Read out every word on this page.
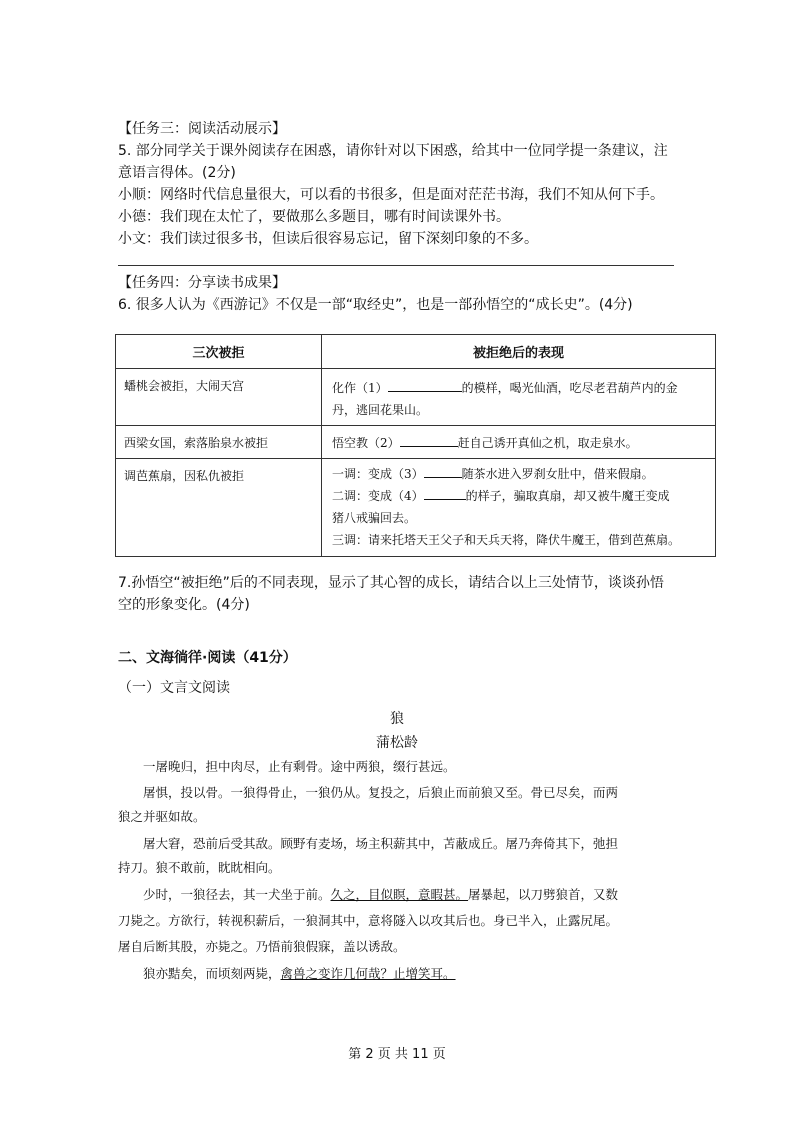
【任务三：阅读活动展示】
5. 部分同学关于课外阅读存在困惑，请你针对以下困惑，给其中一位同学提一条建议，注
意语言得体。(2分)
小顺：网络时代信息量很大，可以看的书很多，但是面对茫茫书海，我们不知从何下手。
小德：我们现在太忙了，要做那么多题目，哪有时间读课外书。
小文：我们读过很多书，但读后很容易忘记，留下深刻印象的不多。
【任务四：分享读书成果】
6. 很多人认为《西游记》不仅是一部“取经史”，也是一部孙悟空的“成长史”。(4分)
三次被拒	被拒绝后的表现
蟠桃会被拒，大闹天宫	化作（1） 的模样，喝光仙酒，吃尽老君葫芦内的金
丹，逃回花果山。

西梁女国，索落胎泉水被拒	悟空教（2） 赶自己诱开真仙之机，取走泉水。

调芭蕉扇，因私仇被拒	一调：变成（3） 随茶水进入罗刹女肚中，借来假扇。
二调：变成（4） 的样子，骗取真扇，却又被牛魔王变成
猪八戒骗回去。
三调：请来托塔天王父子和天兵天将，降伏牛魔王，借到芭蕉扇。
7.孙悟空“被拒绝”后的不同表现，显示了其心智的成长，请结合以上三处情节，谈谈孙悟
空的形象变化。(4分)
二、文海徜徉·阅读（41分）
（一）文言文阅读
狼
蒲松龄
一屠晚归，担中肉尽，止有剩骨。途中两狼，缀行甚远。
屠惧，投以骨。一狼得骨止，一狼仍从。复投之，后狼止而前狼又至。骨已尽矣，而两
狼之并驱如故。
屠大窘，恐前后受其敌。顾野有麦场，场主积薪其中，苫蔽成丘。屠乃奔倚其下，弛担
持刀。狼不敢前，眈眈相向。
少时，一狼径去，其一犬坐于前。久之，目似瞑，意暇甚。屠暴起，以刀劈狼首，又数
刀毙之。方欲行，转视积薪后，一狼洞其中，意将隧入以攻其后也。身已半入，止露尻尾。
屠自后断其股，亦毙之。乃悟前狼假寐，盖以诱敌。
狼亦黠矣，而顷刻两毙，禽兽之变诈几何哉？止增笑耳。
第 2 页 共 11 页
